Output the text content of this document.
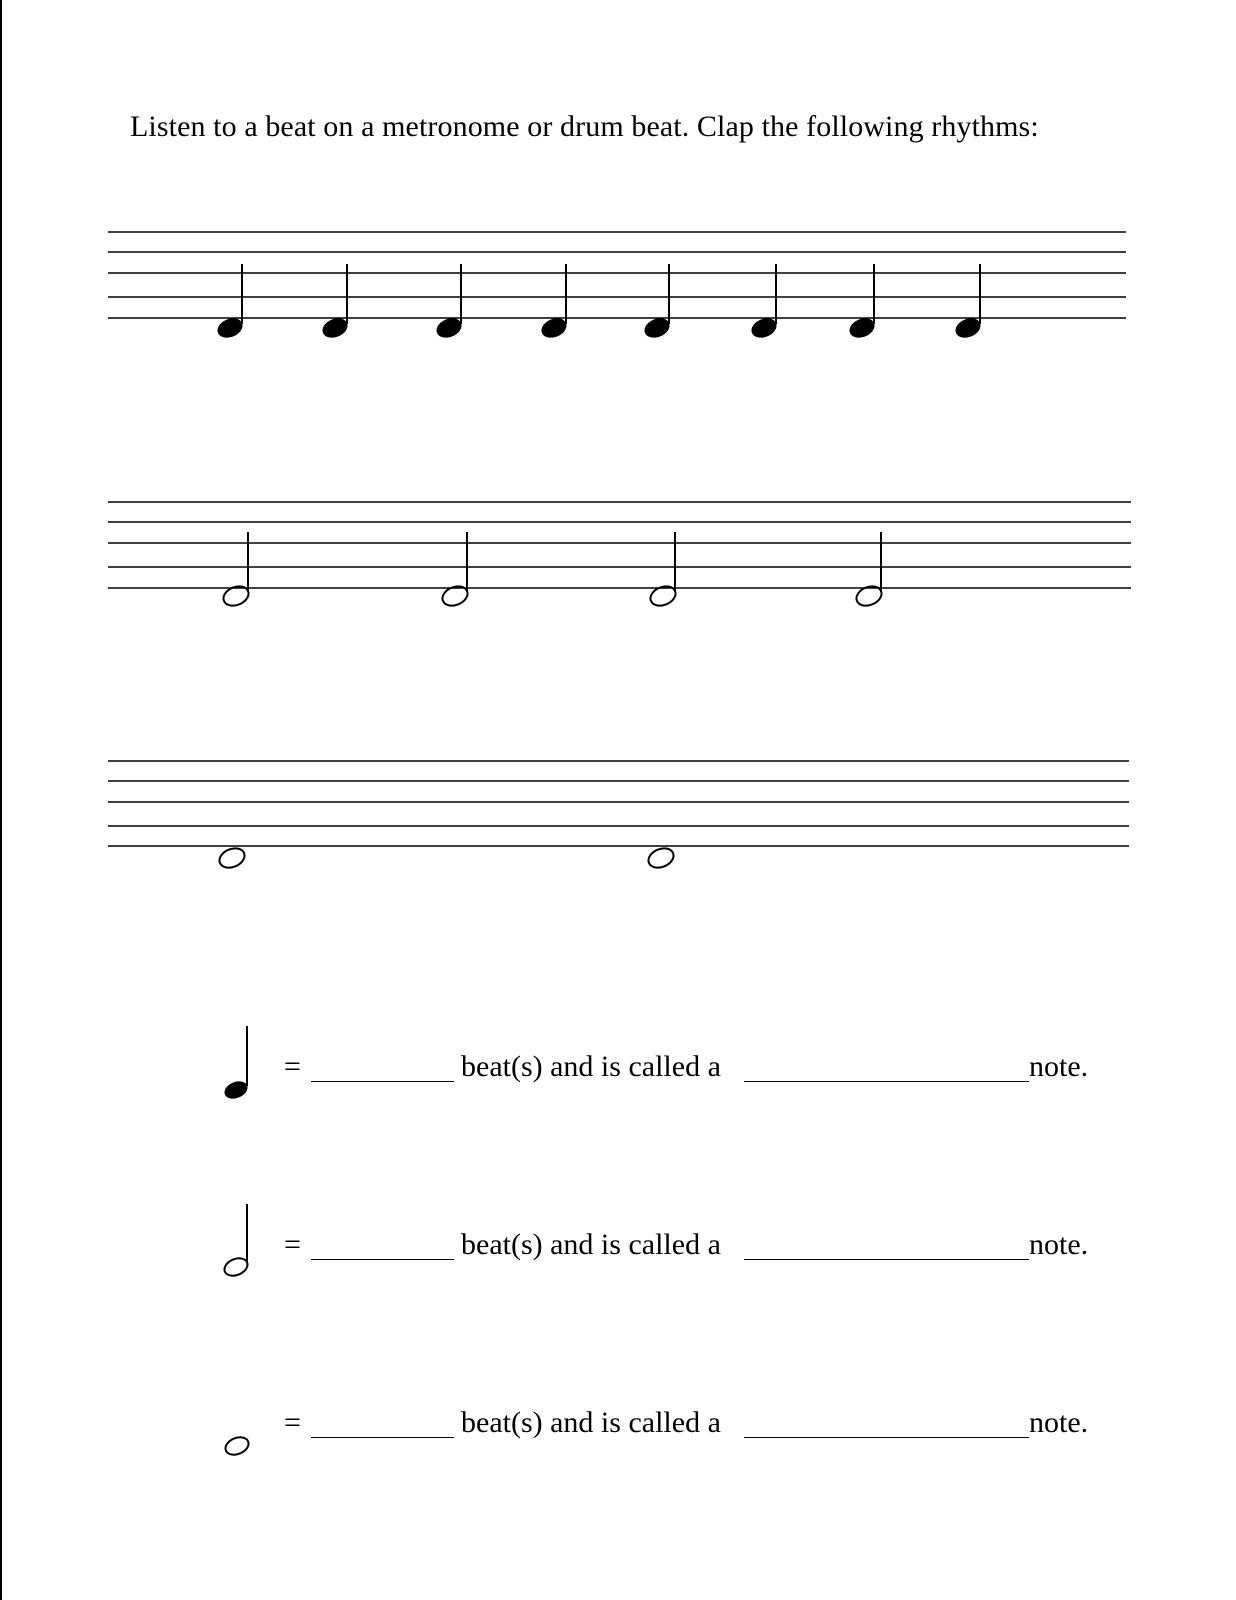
Listen to a beat on a metronome or drum beat. Clap the following rhythms:
=	beat(s) and is called a	note.
=	beat(s) and is called a	note.
=	beat(s) and is called a	note.
